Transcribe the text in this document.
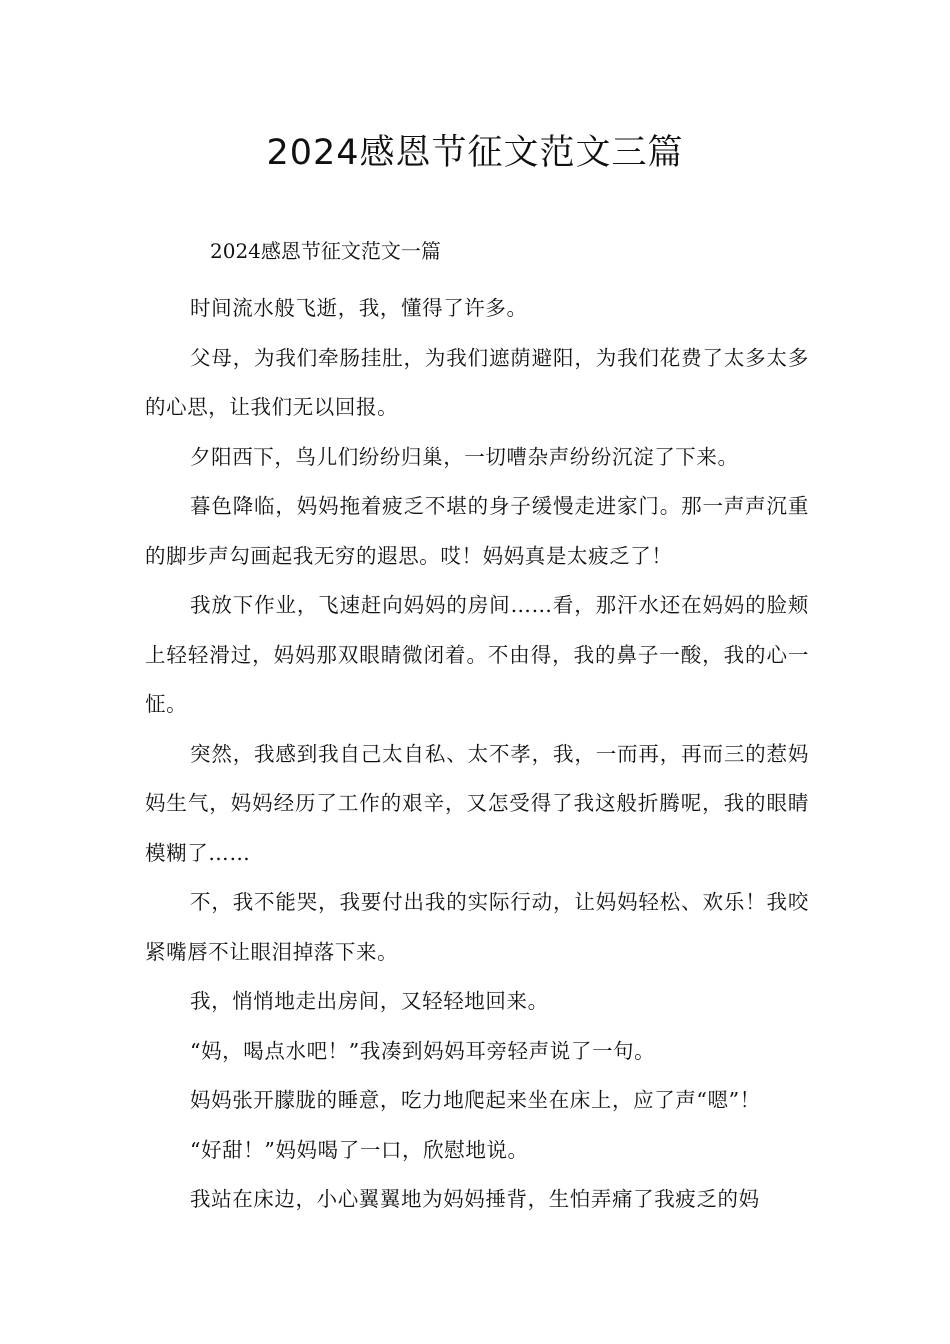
2024感恩节征文范文三篇
2024感恩节征文范文一篇

时间流水般飞逝，我，懂得了许多。

父母，为我们牵肠挂肚，为我们遮荫避阳，为我们花费了太多太多的心思，让我们无以回报。

夕阳西下，鸟儿们纷纷归巢，一切嘈杂声纷纷沉淀了下来。

暮色降临，妈妈拖着疲乏不堪的身子缓慢走进家门。那一声声沉重的脚步声勾画起我无穷的遐思。哎！妈妈真是太疲乏了！

我放下作业，飞速赶向妈妈的房间……看，那汗水还在妈妈的脸颊上轻轻滑过，妈妈那双眼睛微闭着。不由得，我的鼻子一酸，我的心一怔。

突然，我感到我自己太自私、太不孝，我，一而再，再而三的惹妈妈生气，妈妈经历了工作的艰辛，又怎受得了我这般折腾呢，我的眼睛模糊了……

不，我不能哭，我要付出我的实际行动，让妈妈轻松、欢乐！我咬紧嘴唇不让眼泪掉落下来。

我，悄悄地走出房间，又轻轻地回来。

“妈，喝点水吧！”我凑到妈妈耳旁轻声说了一句。

妈妈张开朦胧的睡意，吃力地爬起来坐在床上，应了声“嗯”！

“好甜！”妈妈喝了一口，欣慰地说。

我站在床边，小心翼翼地为妈妈捶背，生怕弄痛了我疲乏的妈
